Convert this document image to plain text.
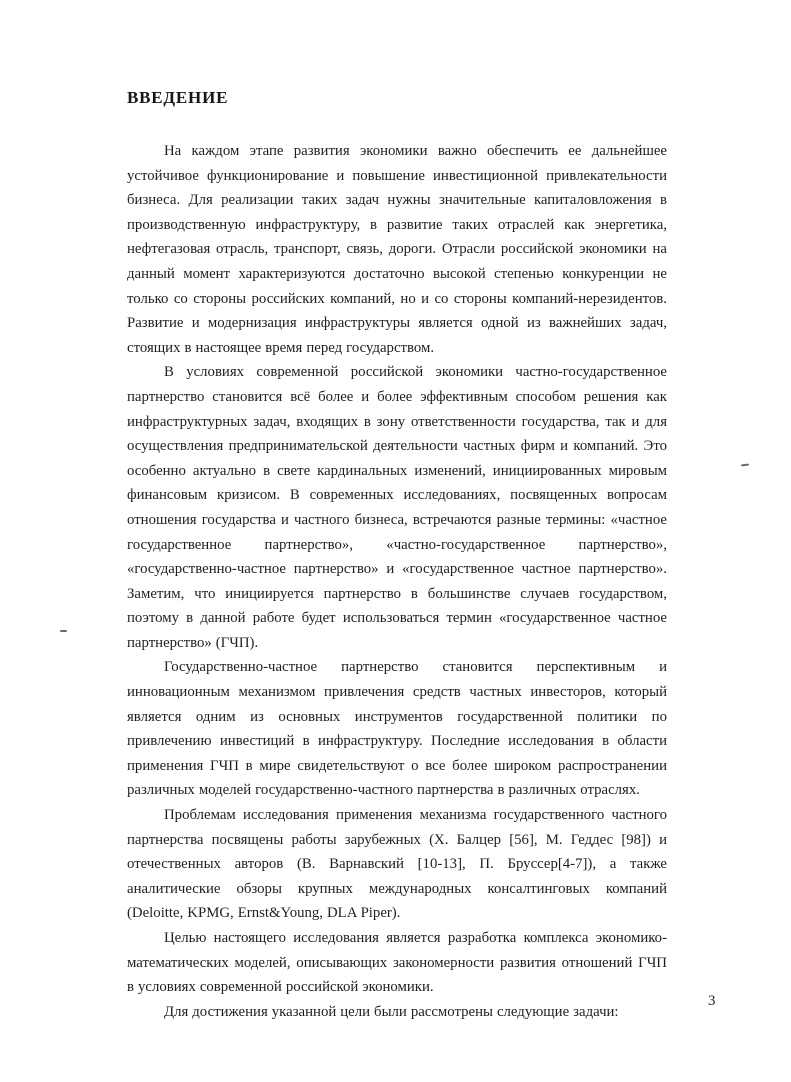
ВВЕДЕНИЕ

На каждом этапе развития экономики важно обеспечить ее дальнейшее устойчивое функционирование и повышение инвестиционной привлекательности бизнеса. Для реализации таких задач нужны значительные капиталовложения в производственную инфраструктуру, в развитие таких отраслей как энергетика, нефтегазовая отрасль, транспорт, связь, дороги. Отрасли российской экономики на данный момент характеризуются достаточно высокой степенью конкуренции не только со стороны российских компаний, но и со стороны компаний-нерезидентов. Развитие и модернизация инфраструктуры является одной из важнейших задач, стоящих в настоящее время перед государством.

В условиях современной российской экономики частно-государственное партнерство становится всё более и более эффективным способом решения как инфраструктурных задач, входящих в зону ответственности государства, так и для осуществления предпринимательской деятельности частных фирм и компаний. Это особенно актуально в свете кардинальных изменений, инициированных мировым финансовым кризисом. В современных исследованиях, посвященных вопросам отношения государства и частного бизнеса, встречаются разные термины: «частное государственное партнерство», «частно-государственное партнерство», «государственно-частное партнерство» и «государственное частное партнерство». Заметим, что инициируется партнерство в большинстве случаев государством, поэтому в данной работе будет использоваться термин «государственное частное партнерство» (ГЧП).

Государственно-частное партнерство становится перспективным и инновационным механизмом привлечения средств частных инвесторов, который является одним из основных инструментов государственной политики по привлечению инвестиций в инфраструктуру. Последние исследования в области применения ГЧП в мире свидетельствуют о все более широком распространении различных моделей государственно-частного партнерства в различных отраслях.

Проблемам исследования применения механизма государственного частного партнерства посвящены работы зарубежных (Х. Балцер [56], М. Геддес [98]) и отечественных авторов (В. Варнавский [10-13], П. Бруссер[4-7]), а также аналитические обзоры крупных международных консалтинговых компаний (Deloitte, KPMG, Ernst&Young, DLA Piper).

Целью настоящего исследования является разработка комплекса экономико-математических моделей, описывающих закономерности развития отношений ГЧП в условиях современной российской экономики.

Для достижения указанной цели были рассмотрены следующие задачи:

3
